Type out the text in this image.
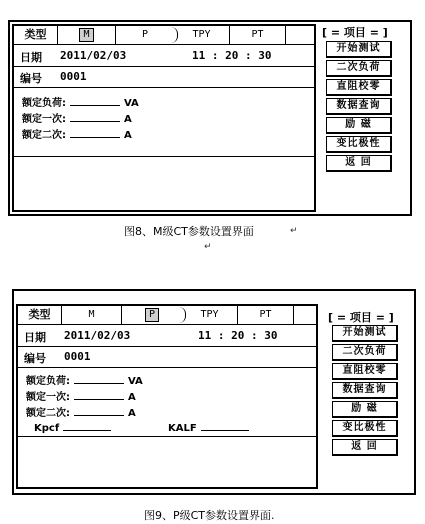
类型	M	P	TPY	PT
日期 2011/02/03	11 : 20 : 30
编号 0001
额定负荷:	VA
额定一次:	A
额定二次:	A
[ = 项目 = ]
开始测试
二次负荷
直阻校零
数据查询
励 磁
变比极性
返 回
图8、M级CT参数设置界面	↵
↵
类型	M	P	TPY	PT
日期 2011/02/03	11 : 20 : 30
编号 0001
额定负荷:	VA
额定一次:	A
额定二次:	A
Kpcf	KALF
[ = 项目 = ]
开始测试
二次负荷
直阻校零
数据查询
励 磁
变比极性
返 回
图9、P级CT参数设置界面.
